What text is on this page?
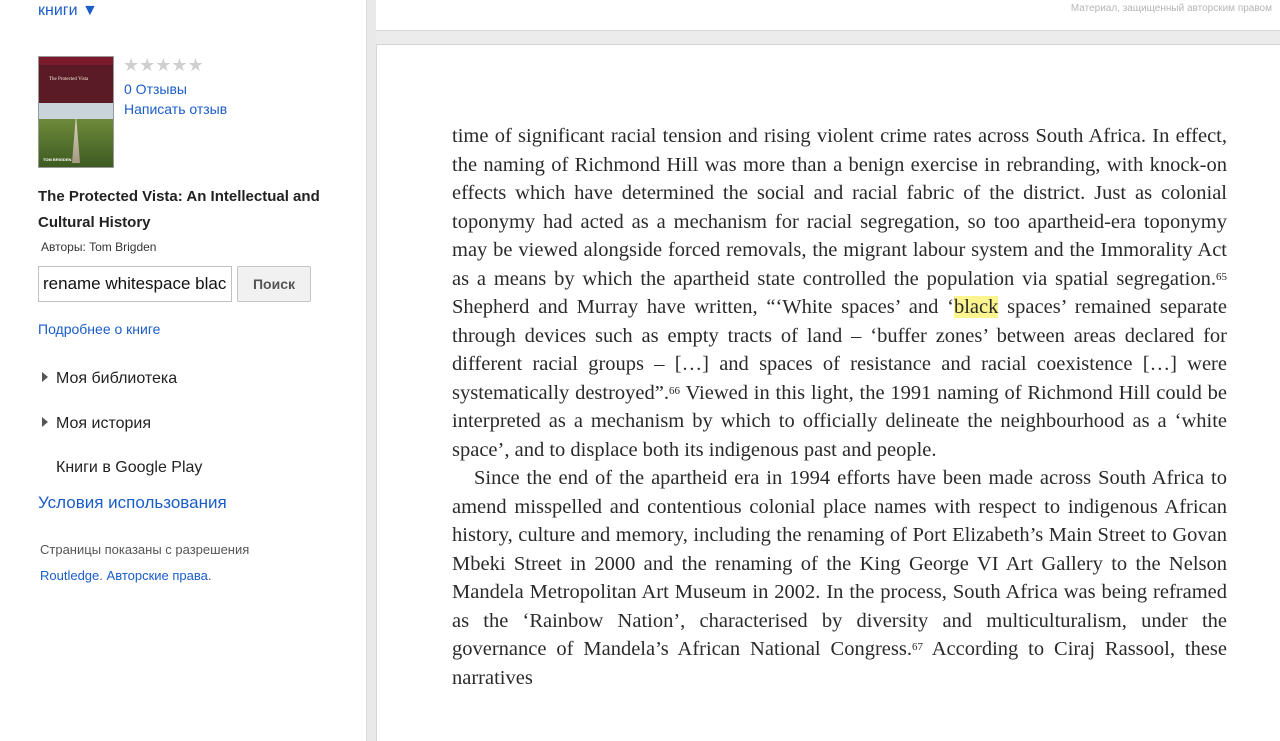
книги ▼
The Protected Vista
TOM BRIGDEN
★★★★★
0 Отзывы
Написать отзыв
The Protected Vista: An Intellectual and Cultural History
Авторы: Tom Brigden
rename whitespace black
Поиск
Подробнее о книге
Моя библиотека
Моя история
Книги в Google Play
Условия использования
Страницы показаны с разрешения
Routledge. Авторские права.
Материал, защищенный авторским правом

time of significant racial tension and rising violent crime rates across South Africa. In effect, the naming of Richmond Hill was more than a benign exercise in rebranding, with knock-on effects which have determined the social and racial fabric of the district. Just as colonial toponymy had acted as a mechanism for racial segregation, so too apartheid-era toponymy may be viewed alongside forced removals, the migrant labour system and the Immorality Act as a means by which the apartheid state controlled the population via spatial segregation.$^{65}$ Shepherd and Murray have written, “‘White spaces’ and ‘black spaces’ remained separate through devices such as empty tracts of land – ‘buffer zones’ between areas declared for different racial groups – […] and spaces of resistance and racial coexistence […] were systematically destroyed”.$^{66}$ Viewed in this light, the 1991 naming of Richmond Hill could be interpreted as a mechanism by which to officially delineate the neighbourhood as a ‘white space’, and to displace both its indigenous past and people.

Since the end of the apartheid era in 1994 efforts have been made across South Africa to amend misspelled and contentious colonial place names with respect to indigenous African history, culture and memory, including the renaming of Port Elizabeth’s Main Street to Govan Mbeki Street in 2000 and the renaming of the King George VI Art Gallery to the Nelson Mandela Metropolitan Art Museum in 2002. In the process, South Africa was being reframed as the ‘Rainbow Nation’, characterised by diversity and multiculturalism, under the governance of Mandela’s African National Congress.$^{67}$ According to Ciraj Rassool, these narratives
